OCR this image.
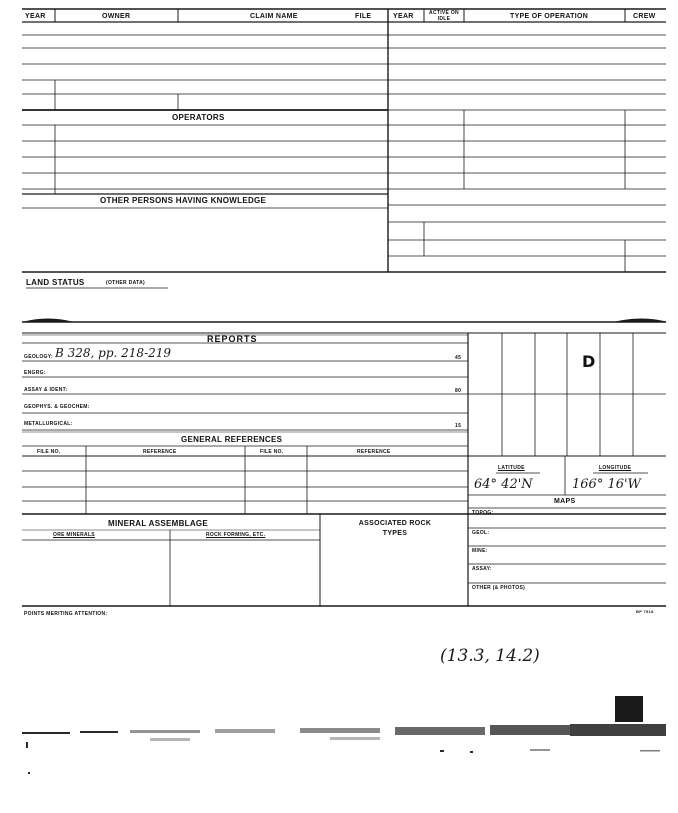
YEAR	OWNER	CLAIM NAME	FILE	YEAR	ACTIVE ON IDLE	TYPE OF OPERATION	CREW
OPERATORS
OTHER PERSONS HAVING KNOWLEDGE
LAND STATUS	(OTHER DATA)
REPORTS
GEOLOGY: B 328, pp. 218-219	45
ENGRG:
ASSAY & IDENT:	80
GEOPHYS. & GEOCHEM:
METALLURGICAL:	15
GENERAL REFERENCES
FILE NO.	REFERENCE	FILE NO.	REFERENCE
D
LATITUDE	LONGITUDE
64° 42'N	166° 16'W
MAPS
TOPOG:
GEOL:
MINE:
ASSAY:
OTHER (& PHOTOS)
MINERAL ASSEMBLAGE
ORE MINERALS	ROCK FORMING, ETC.
ASSOCIATED ROCK TYPES
POINTS MERITING ATTENTION:	BP 7918
(13.3, 14.2)
